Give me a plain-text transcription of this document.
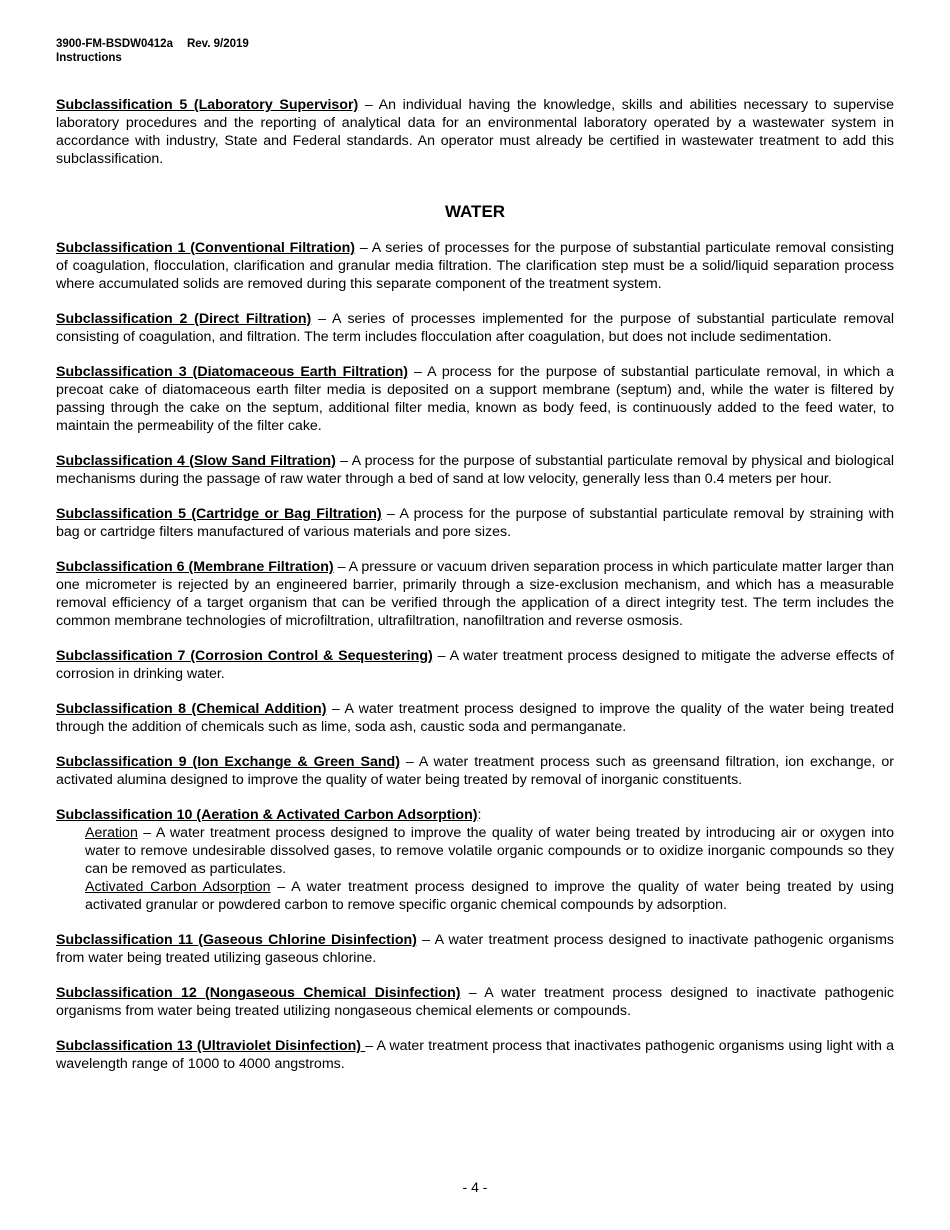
3900-FM-BSDW0412a Rev. 9/2019
Instructions

Subclassification 5 (Laboratory Supervisor) – An individual having the knowledge, skills and abilities necessary to supervise laboratory procedures and the reporting of analytical data for an environmental laboratory operated by a wastewater system in accordance with industry, State and Federal standards. An operator must already be certified in wastewater treatment to add this subclassification.

WATER

Subclassification 1 (Conventional Filtration) – A series of processes for the purpose of substantial particulate removal consisting of coagulation, flocculation, clarification and granular media filtration. The clarification step must be a solid/liquid separation process where accumulated solids are removed during this separate component of the treatment system.

Subclassification 2 (Direct Filtration) – A series of processes implemented for the purpose of substantial particulate removal consisting of coagulation, and filtration. The term includes flocculation after coagulation, but does not include sedimentation.

Subclassification 3 (Diatomaceous Earth Filtration) – A process for the purpose of substantial particulate removal, in which a precoat cake of diatomaceous earth filter media is deposited on a support membrane (septum) and, while the water is filtered by passing through the cake on the septum, additional filter media, known as body feed, is continuously added to the feed water, to maintain the permeability of the filter cake.

Subclassification 4 (Slow Sand Filtration) – A process for the purpose of substantial particulate removal by physical and biological mechanisms during the passage of raw water through a bed of sand at low velocity, generally less than 0.4 meters per hour.

Subclassification 5 (Cartridge or Bag Filtration) – A process for the purpose of substantial particulate removal by straining with bag or cartridge filters manufactured of various materials and pore sizes.

Subclassification 6 (Membrane Filtration) – A pressure or vacuum driven separation process in which particulate matter larger than one micrometer is rejected by an engineered barrier, primarily through a size-exclusion mechanism, and which has a measurable removal efficiency of a target organism that can be verified through the application of a direct integrity test. The term includes the common membrane technologies of microfiltration, ultrafiltration, nanofiltration and reverse osmosis.

Subclassification 7 (Corrosion Control & Sequestering) – A water treatment process designed to mitigate the adverse effects of corrosion in drinking water.

Subclassification 8 (Chemical Addition) – A water treatment process designed to improve the quality of the water being treated through the addition of chemicals such as lime, soda ash, caustic soda and permanganate.

Subclassification 9 (Ion Exchange & Green Sand) – A water treatment process such as greensand filtration, ion exchange, or activated alumina designed to improve the quality of water being treated by removal of inorganic constituents.

Subclassification 10 (Aeration & Activated Carbon Adsorption):

Aeration – A water treatment process designed to improve the quality of water being treated by introducing air or oxygen into water to remove undesirable dissolved gases, to remove volatile organic compounds or to oxidize inorganic compounds so they can be removed as particulates.

Activated Carbon Adsorption – A water treatment process designed to improve the quality of water being treated by using activated granular or powdered carbon to remove specific organic chemical compounds by adsorption.

Subclassification 11 (Gaseous Chlorine Disinfection) – A water treatment process designed to inactivate pathogenic organisms from water being treated utilizing gaseous chlorine.

Subclassification 12 (Nongaseous Chemical Disinfection) – A water treatment process designed to inactivate pathogenic organisms from water being treated utilizing nongaseous chemical elements or compounds.

Subclassification 13 (Ultraviolet Disinfection) – A water treatment process that inactivates pathogenic organisms using light with a wavelength range of 1000 to 4000 angstroms.

- 4 -
